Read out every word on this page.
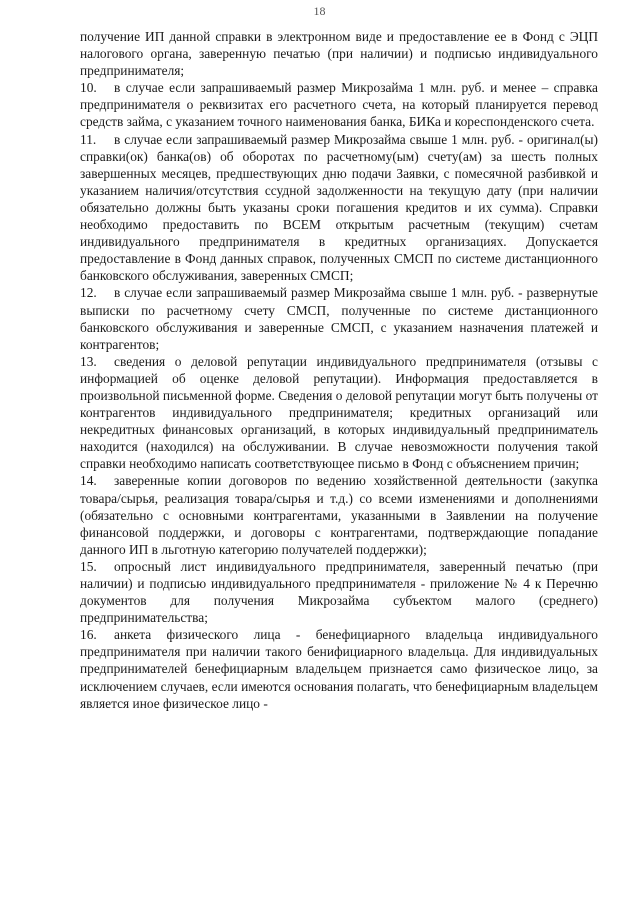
18

получение ИП данной справки в электронном виде и предоставление ее в Фонд с ЭЦП налогового органа, заверенную печатью (при наличии) и подписью индивидуального предпринимателя;

10. в случае если запрашиваемый размер Микрозайма 1 млн. руб. и менее – справка предпринимателя о реквизитах его расчетного счета, на который планируется перевод средств займа, с указанием точного наименования банка, БИКа и кореспонденского счета.

11. в случае если запрашиваемый размер Микрозайма свыше 1 млн. руб. - оригинал(ы) справки(ок) банка(ов) об оборотах по расчетному(ым) счету(ам) за шесть полных завершенных месяцев, предшествующих дню подачи Заявки, с помесячной разбивкой и указанием наличия/отсутствия ссудной задолженности на текущую дату (при наличии обязательно должны быть указаны сроки погашения кредитов и их сумма). Справки необходимо предоставить по ВСЕМ открытым расчетным (текущим) счетам индивидуального предпринимателя в кредитных организациях. Допускается предоставление в Фонд данных справок, полученных СМСП по системе дистанционного банковского обслуживания, заверенных СМСП;

12. в случае если запрашиваемый размер Микрозайма свыше 1 млн. руб. - развернутые выписки по расчетному счету СМСП, полученные по системе дистанционного банковского обслуживания и заверенные СМСП, с указанием назначения платежей и контрагентов;

13. сведения о деловой репутации индивидуального предпринимателя (отзывы с информацией об оценке деловой репутации). Информация предоставляется в произвольной письменной форме. Сведения о деловой репутации могут быть получены от контрагентов индивидуального предпринимателя; кредитных организаций или некредитных финансовых организаций, в которых индивидуальный предприниматель находится (находился) на обслуживании. В случае невозможности получения такой справки необходимо написать соответствующее письмо в Фонд с объяснением причин;

14. заверенные копии договоров по ведению хозяйственной деятельности (закупка товара/сырья, реализация товара/сырья и т.д.) со всеми изменениями и дополнениями (обязательно с основными контрагентами, указанными в Заявлении на получение финансовой поддержки, и договоры с контрагентами, подтверждающие попадание данного ИП в льготную категорию получателей поддержки);

15. опросный лист индивидуального предпринимателя, заверенный печатью (при наличии) и подписью индивидуального предпринимателя - приложение № 4 к Перечню документов для получения Микрозайма субъектом малого (среднего) предпринимательства;

16. анкета физического лица - бенефициарного владельца индивидуального предпринимателя при наличии такого бенифициарного владельца. Для индивидуальных предпринимателей бенефициарным владельцем признается само физическое лицо, за исключением случаев, если имеются основания полагать, что бенефициарным владельцем является иное физическое лицо -
